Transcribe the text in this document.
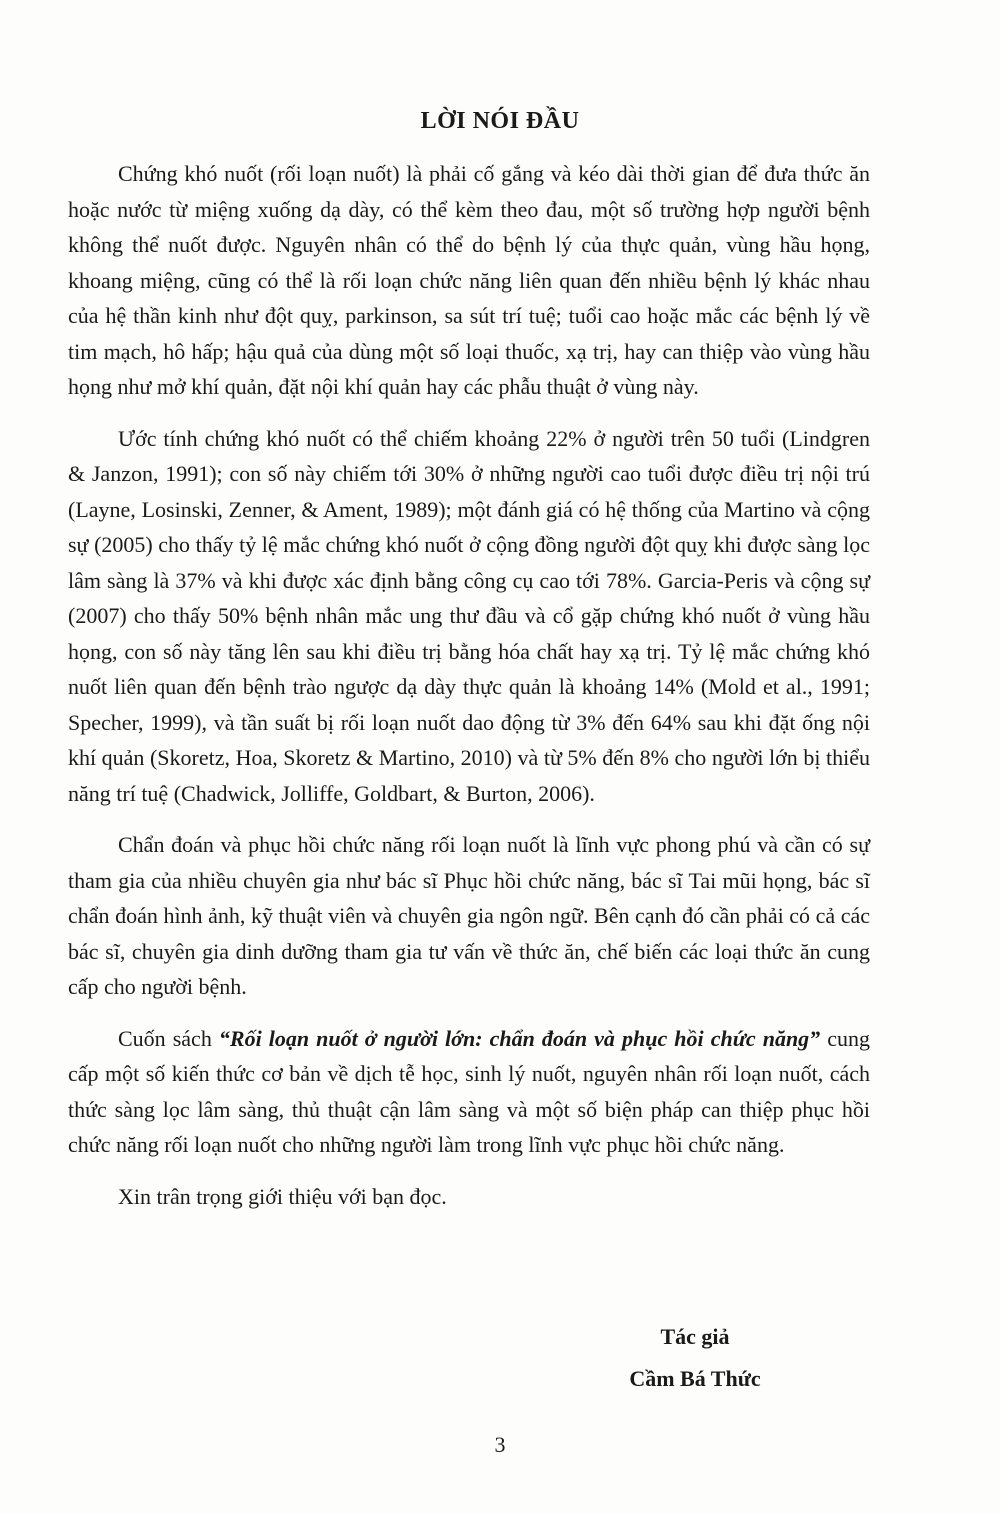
LỜI NÓI ĐẦU

Chứng khó nuốt (rối loạn nuốt) là phải cố gắng và kéo dài thời gian để đưa thức ăn hoặc nước từ miệng xuống dạ dày, có thể kèm theo đau, một số trường hợp người bệnh không thể nuốt được. Nguyên nhân có thể do bệnh lý của thực quản, vùng hầu họng, khoang miệng, cũng có thể là rối loạn chức năng liên quan đến nhiều bệnh lý khác nhau của hệ thần kinh như đột quỵ, parkinson, sa sút trí tuệ; tuổi cao hoặc mắc các bệnh lý về tim mạch, hô hấp; hậu quả của dùng một số loại thuốc, xạ trị, hay can thiệp vào vùng hầu họng như mở khí quản, đặt nội khí quản hay các phẫu thuật ở vùng này.

Ước tính chứng khó nuốt có thể chiếm khoảng 22% ở người trên 50 tuổi (Lindgren & Janzon, 1991); con số này chiếm tới 30% ở những người cao tuổi được điều trị nội trú (Layne, Losinski, Zenner, & Ament, 1989); một đánh giá có hệ thống của Martino và cộng sự (2005) cho thấy tỷ lệ mắc chứng khó nuốt ở cộng đồng người đột quỵ khi được sàng lọc lâm sàng là 37% và khi được xác định bằng công cụ cao tới 78%. Garcia-Peris và cộng sự (2007) cho thấy 50% bệnh nhân mắc ung thư đầu và cổ gặp chứng khó nuốt ở vùng hầu họng, con số này tăng lên sau khi điều trị bằng hóa chất hay xạ trị. Tỷ lệ mắc chứng khó nuốt liên quan đến bệnh trào ngược dạ dày thực quản là khoảng 14% (Mold et al., 1991; Specher, 1999), và tần suất bị rối loạn nuốt dao động từ 3% đến 64% sau khi đặt ống nội khí quản (Skoretz, Hoa, Skoretz & Martino, 2010) và từ 5% đến 8% cho người lớn bị thiểu năng trí tuệ (Chadwick, Jolliffe, Goldbart, & Burton, 2006).

Chẩn đoán và phục hồi chức năng rối loạn nuốt là lĩnh vực phong phú và cần có sự tham gia của nhiều chuyên gia như bác sĩ Phục hồi chức năng, bác sĩ Tai mũi họng, bác sĩ chẩn đoán hình ảnh, kỹ thuật viên và chuyên gia ngôn ngữ. Bên cạnh đó cần phải có cả các bác sĩ, chuyên gia dinh dưỡng tham gia tư vấn về thức ăn, chế biến các loại thức ăn cung cấp cho người bệnh.

Cuốn sách “Rối loạn nuốt ở người lớn: chẩn đoán và phục hồi chức năng” cung cấp một số kiến thức cơ bản về dịch tễ học, sinh lý nuốt, nguyên nhân rối loạn nuốt, cách thức sàng lọc lâm sàng, thủ thuật cận lâm sàng và một số biện pháp can thiệp phục hồi chức năng rối loạn nuốt cho những người làm trong lĩnh vực phục hồi chức năng.

Xin trân trọng giới thiệu với bạn đọc.

Tác giả
Cầm Bá Thức
3
